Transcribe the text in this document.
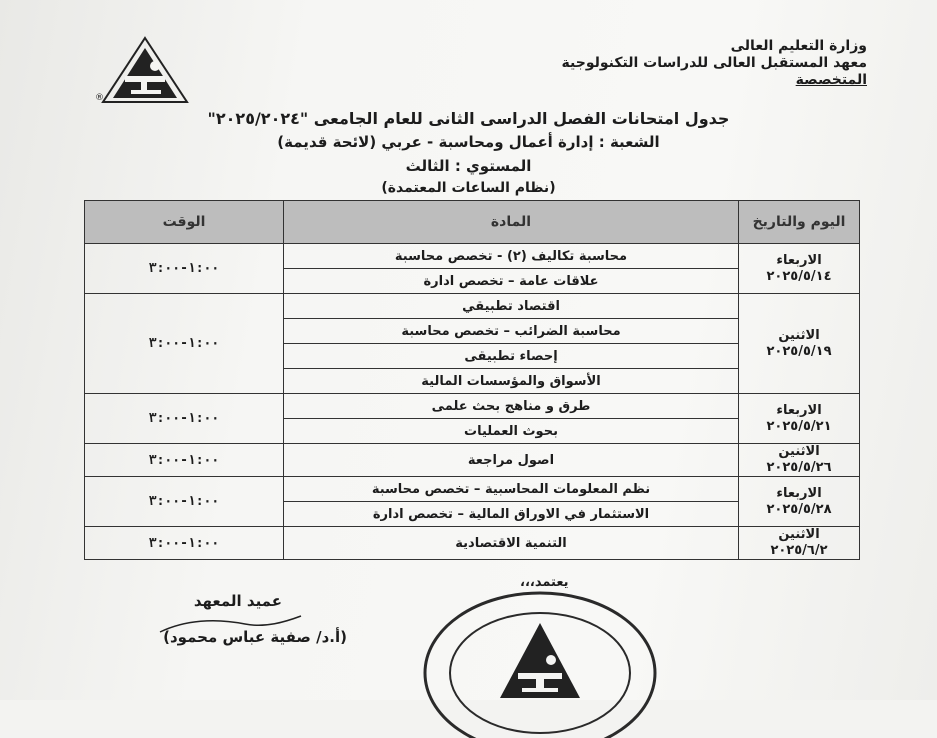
®
وزارة التعليم العالى
معهد المستقبل العالى للدراسات التكنولوجية
المتخصصة
جدول امتحانات الفصل الدراسى الثانى للعام الجامعى "٢٠٢٥/٢٠٢٤"
الشعبة : إدارة أعمال ومحاسبة - عربي (لائحة قديمة)
المستوي : الثالث
(نظام الساعات المعتمدة)
اليوم والتاريخ	المادة	الوقت

الاربعاء
٢٠٢٥/٥/١٤	محاسبة تكاليف (٢) - تخصص محاسبة	١:٠٠-٣:٠٠
	علاقات عامة – تخصص ادارة	

الاثنين
٢٠٢٥/٥/١٩	اقتصاد تطبيقي	١:٠٠-٣:٠٠
	محاسبة الضرائب – تخصص محاسبة	
	إحصاء تطبيقى	
	الأسواق والمؤسسات المالية	

الاربعاء
٢٠٢٥/٥/٢١	طرق و مناهج بحث علمى	١:٠٠-٣:٠٠
	بحوث العمليات	

الاثنين
٢٠٢٥/٥/٢٦	اصول مراجعة	١:٠٠-٣:٠٠

الاربعاء
٢٠٢٥/٥/٢٨	نظم المعلومات المحاسبية – تخصص محاسبة	١:٠٠-٣:٠٠
	الاستثمار في الاوراق المالية – تخصص ادارة	

الاثنين
٢٠٢٥/٦/٢	التنمية الاقتصادية	١:٠٠-٣:٠٠
يعتمد،،،
عميد المعهد
(أ.د/ صفية عباس محمود)
